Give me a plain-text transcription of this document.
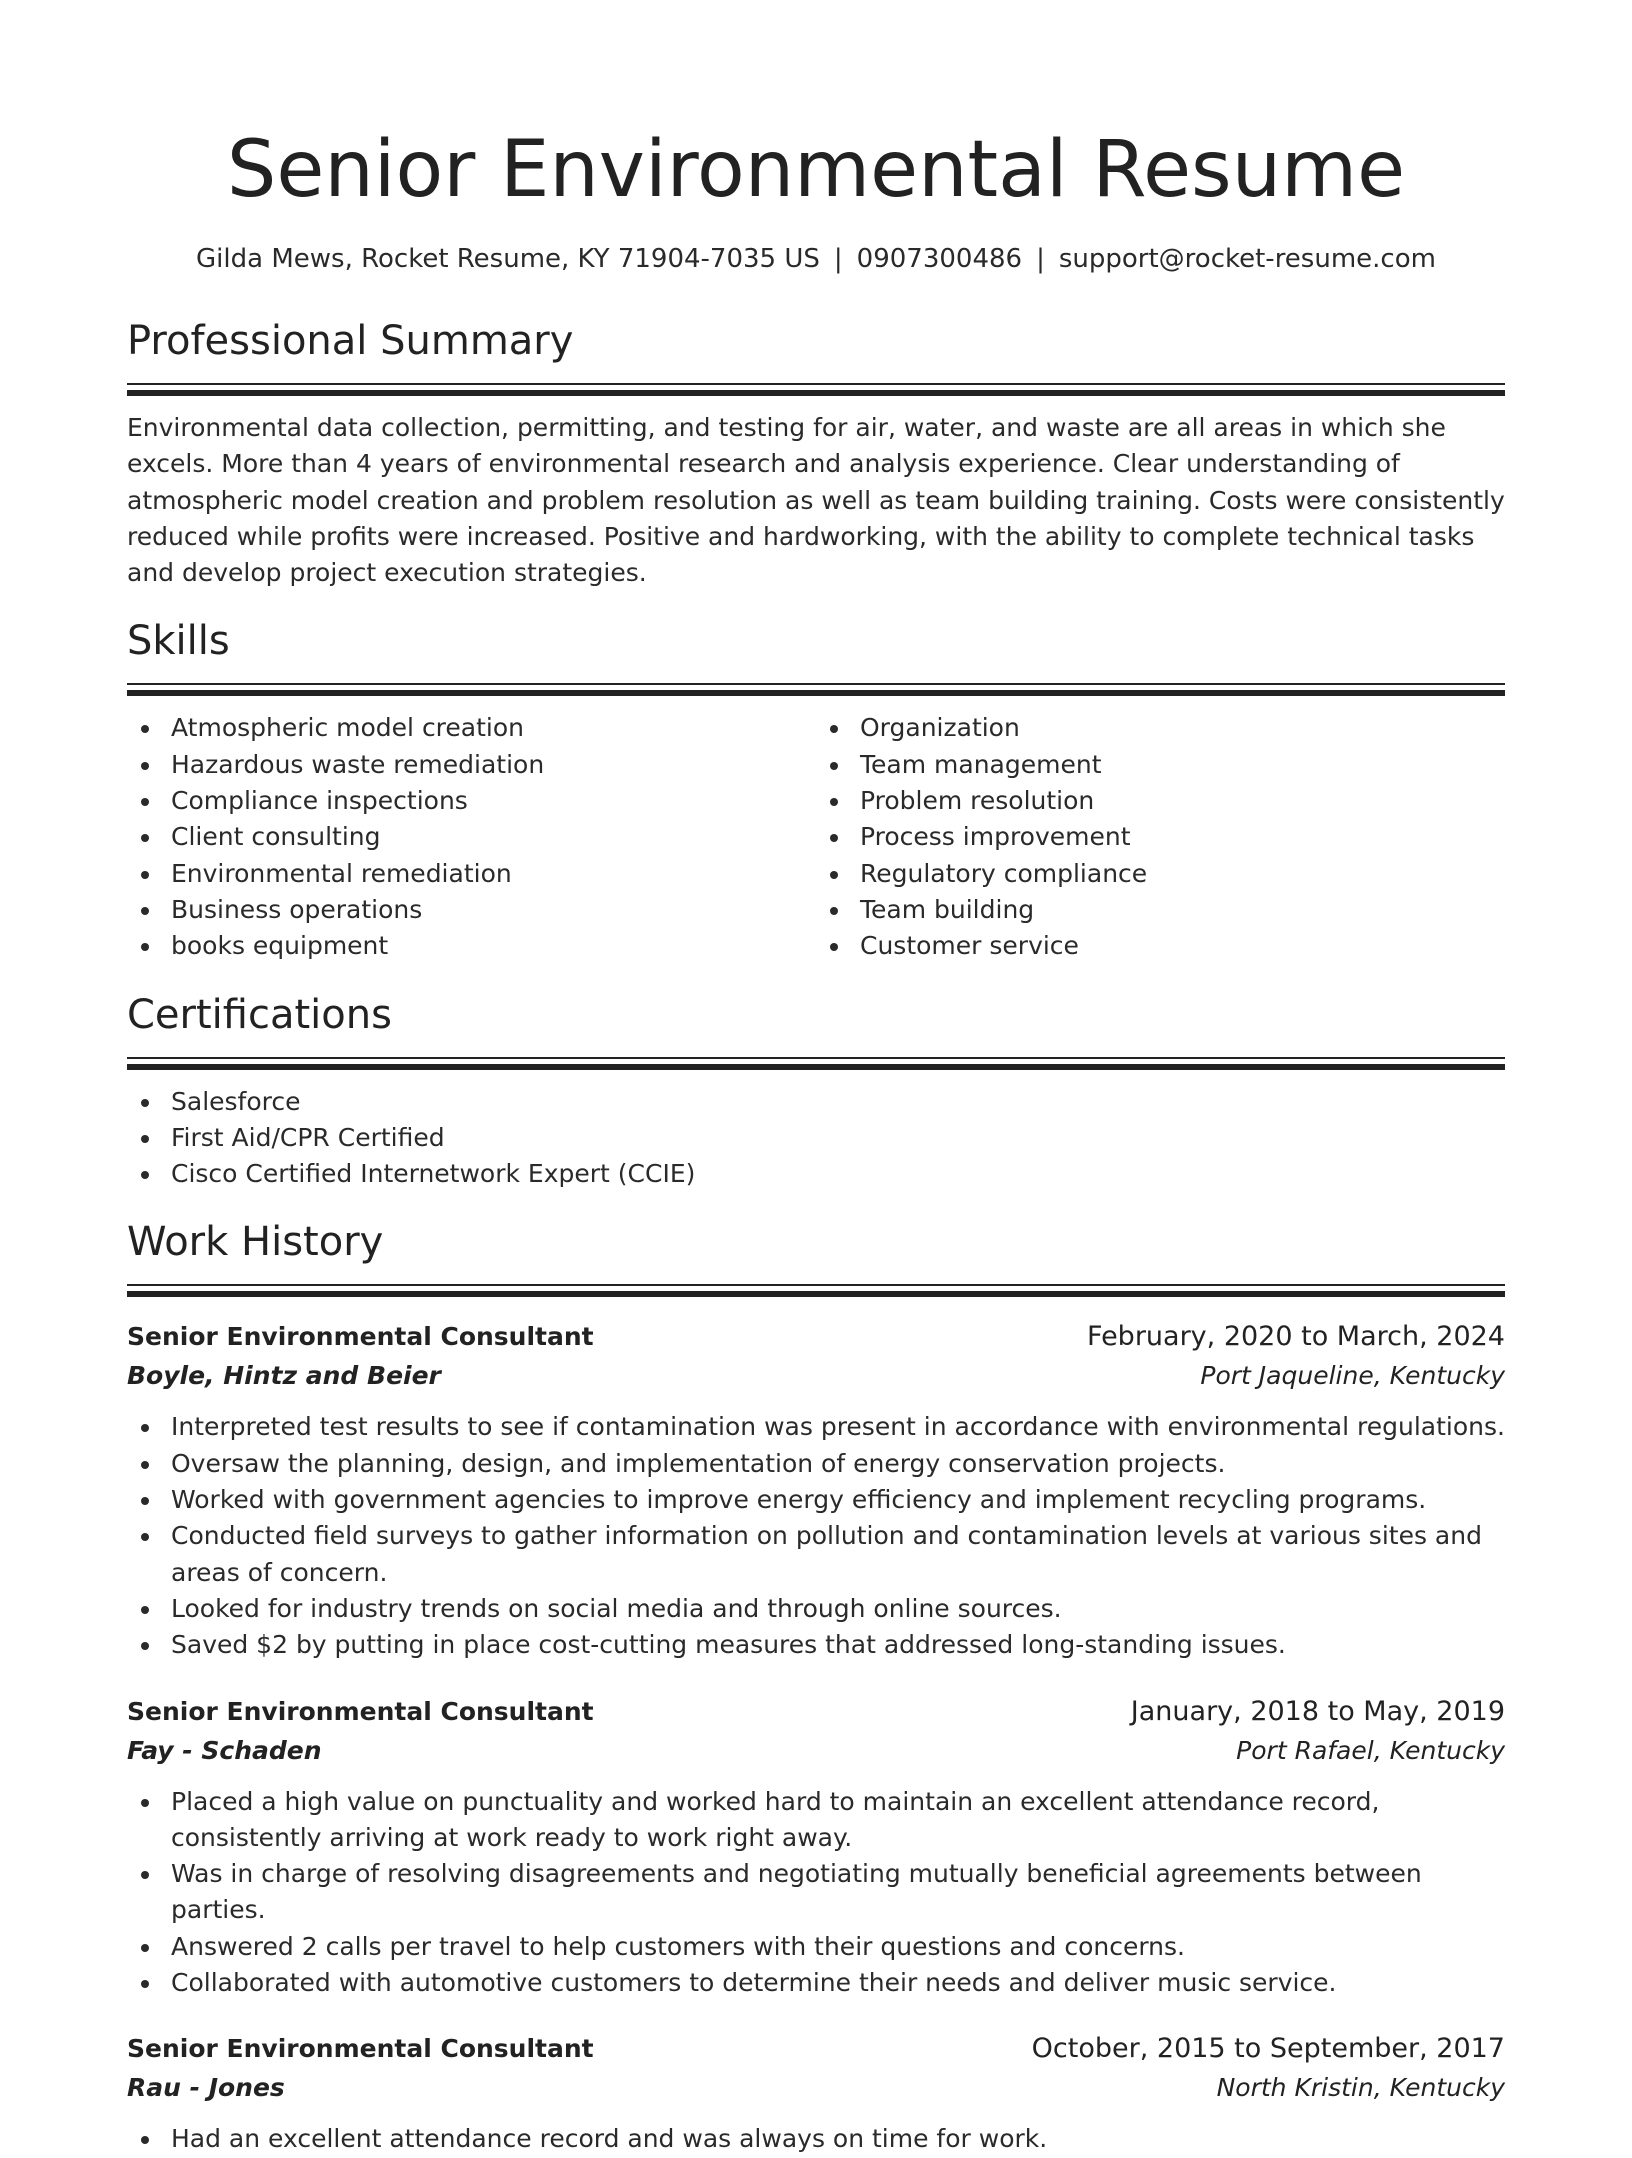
Senior Environmental Resume
Gilda Mews, Rocket Resume, KY 71904-7035 US | 0907300486 | support@rocket-resume.com
Professional Summary

Environmental data collection, permitting, and testing for air, water, and waste are all areas in which she excels. More than 4 years of environmental research and analysis experience. Clear understanding of atmospheric model creation and problem resolution as well as team building training. Costs were consistently reduced while profits were increased. Positive and hardworking, with the ability to complete technical tasks and develop project execution strategies.

Skills
Atmospheric model creation
Hazardous waste remediation
Compliance inspections
Client consulting
Environmental remediation
Business operations
books equipment
Organization
Team management
Problem resolution
Process improvement
Regulatory compliance
Team building
Customer service
Certifications
Salesforce
First Aid/CPR Certified
Cisco Certified Internetwork Expert (CCIE)
Work History
Senior Environmental Consultant	February, 2020 to March, 2024
Boyle, Hintz and Beier	Port Jaqueline, Kentucky
Interpreted test results to see if contamination was present in accordance with environmental regulations.
Oversaw the planning, design, and implementation of energy conservation projects.
Worked with government agencies to improve energy efficiency and implement recycling programs.
Conducted field surveys to gather information on pollution and contamination levels at various sites and areas of concern.
Looked for industry trends on social media and through online sources.
Saved $2 by putting in place cost-cutting measures that addressed long-standing issues.
Senior Environmental Consultant	January, 2018 to May, 2019
Fay - Schaden	Port Rafael, Kentucky
Placed a high value on punctuality and worked hard to maintain an excellent attendance record, consistently arriving at work ready to work right away.
Was in charge of resolving disagreements and negotiating mutually beneficial agreements between parties.
Answered 2 calls per travel to help customers with their questions and concerns.
Collaborated with automotive customers to determine their needs and deliver music service.
Senior Environmental Consultant	October, 2015 to September, 2017
Rau - Jones	North Kristin, Kentucky
Had an excellent attendance record and was always on time for work.
